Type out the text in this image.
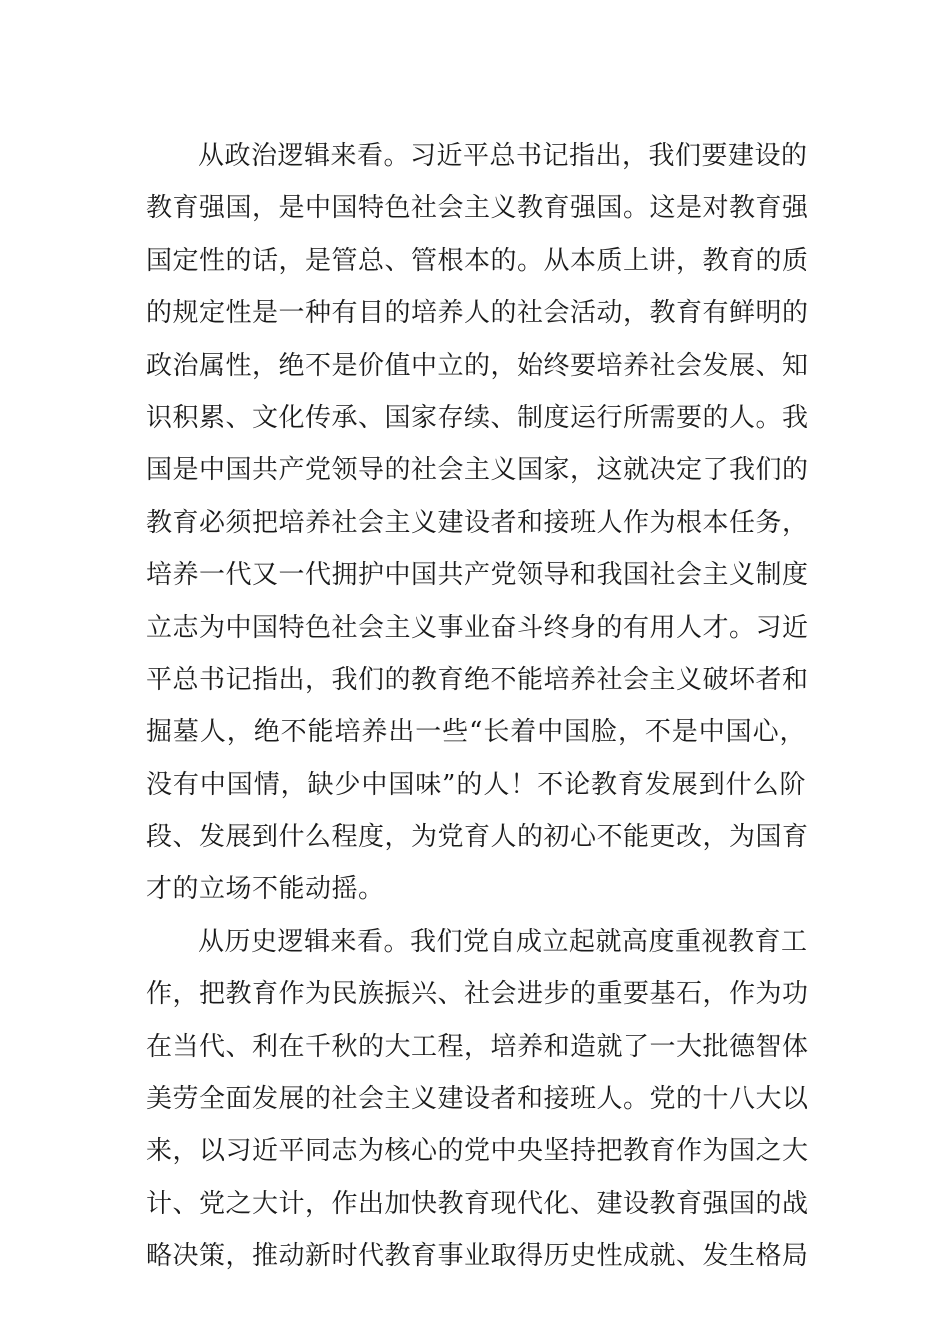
从政治逻辑来看。习近平总书记指出，我们要建设的
教育强国，是中国特色社会主义教育强国。这是对教育强
国定性的话，是管总、管根本的。从本质上讲，教育的质
的规定性是一种有目的培养人的社会活动，教育有鲜明的
政治属性，绝不是价值中立的，始终要培养社会发展、知
识积累、文化传承、国家存续、制度运行所需要的人。我
国是中国共产党领导的社会主义国家，这就决定了我们的
教育必须把培养社会主义建设者和接班人作为根本任务，
培养一代又一代拥护中国共产党领导和我国社会主义制度
立志为中国特色社会主义事业奋斗终身的有用人才。习近
平总书记指出，我们的教育绝不能培养社会主义破坏者和
掘墓人，绝不能培养出一些“长着中国脸，不是中国心，
没有中国情，缺少中国味”的人！不论教育发展到什么阶
段、发展到什么程度，为党育人的初心不能更改，为国育
才的立场不能动摇。
从历史逻辑来看。我们党自成立起就高度重视教育工
作，把教育作为民族振兴、社会进步的重要基石，作为功
在当代、利在千秋的大工程，培养和造就了一大批德智体
美劳全面发展的社会主义建设者和接班人。党的十八大以
来，以习近平同志为核心的党中央坚持把教育作为国之大
计、党之大计，作出加快教育现代化、建设教育强国的战
略决策，推动新时代教育事业取得历史性成就、发生格局
